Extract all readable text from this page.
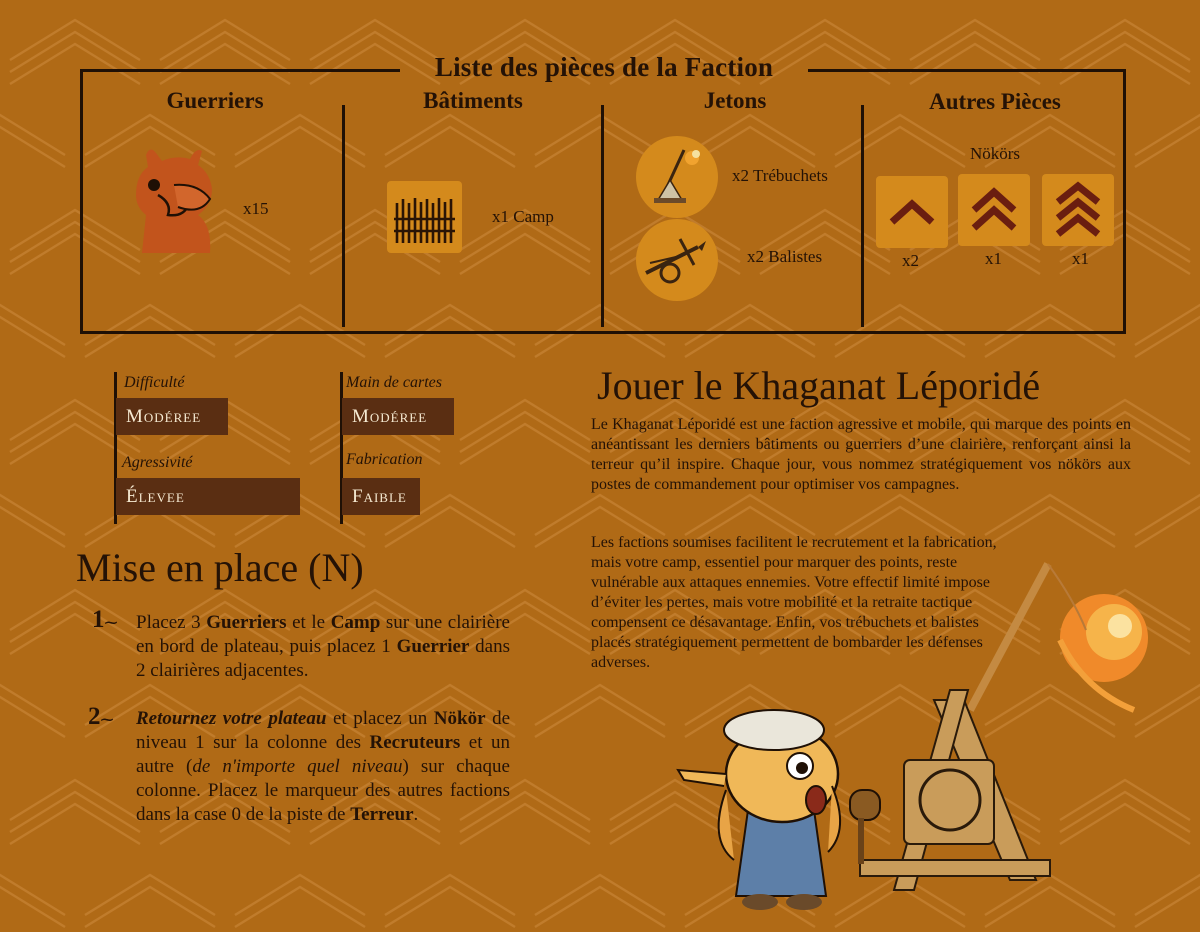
Liste des pièces de la Faction
Guerriers
x15
Bâtiments
x1 Camp
Jetons
x2 Trébuchets
x2 Balistes
Autres Pièces
Nökörs
x2	x1	x1
Difficulté
Modéree
Main de cartes
Modéree
Agressivité
Élevee
Fabrication
Faible
Mise en place (N)
1⁓ Placez 3 Guerriers et le Camp sur une clairière en bord de plateau, puis placez 1 Guerrier dans 2 clairières adjacentes.
2⁓ Retournez votre plateau et placez un Nökör de niveau 1 sur la colonne des Recruteurs et un autre (de n'importe quel niveau) sur chaque colonne. Placez le marqueur des autres factions dans la case 0 de la piste de Terreur.
Jouer le Khaganat Léporidé
Le Khaganat Léporidé est une faction agressive et mobile, qui marque des points en anéantissant les derniers bâtiments ou guerriers d’une clairière, renforçant ainsi la terreur qu’il inspire. Chaque jour, vous nommez stratégiquement vos nökörs aux postes de commandement pour optimiser vos campagnes.
Les factions soumises facilitent le recrutement et la fabrication, mais votre camp, essentiel pour marquer des points, reste vulnérable aux attaques ennemies. Votre effectif limité impose d’éviter les pertes, mais votre mobilité et la retraite tactique compensent ce désavantage. Enfin, vos trébuchets et balistes placés stratégiquement permettent de bombarder les défenses adverses.
